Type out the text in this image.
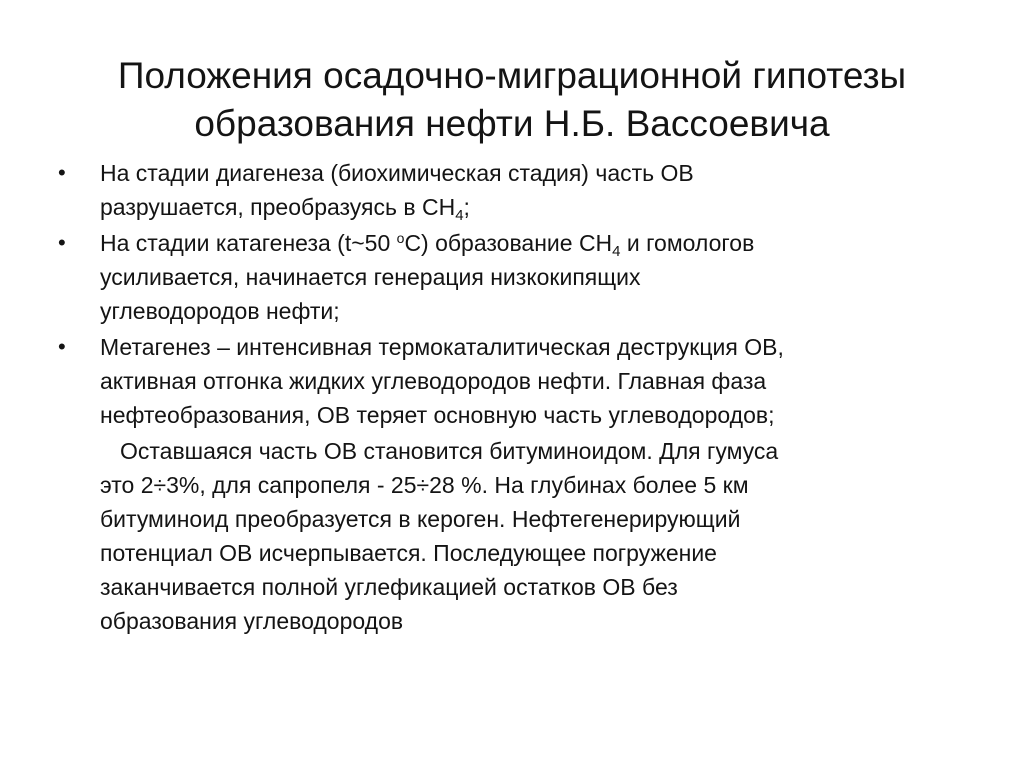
Положения осадочно-миграционной гипотезы
образования нефти Н.Б. Вассоевича
•	На стадии диагенеза (биохимическая стадия) часть ОВ
разрушается, преобразуясь в $СН_4$;
•	На стадии катагенеза (t~50 $^o$С) образование $СН_4$ и гомологов
усиливается, начинается генерация низкокипящих
углеводородов нефти;
•	Метагенез – интенсивная термокаталитическая деструкция ОВ,
активная отгонка жидких углеводородов нефти. Главная фаза
нефтеобразования, ОВ теряет основную часть углеводородов;
Оставшаяся часть ОВ становится битуминоидом. Для гумуса
это 2÷3%, для сапропеля - 25÷28 %. На глубинах более 5 км
битуминоид преобразуется в кероген. Нефтегенерирующий
потенциал ОВ исчерпывается. Последующее погружение
заканчивается полной углефикацией остатков ОВ без
образования углеводородов
